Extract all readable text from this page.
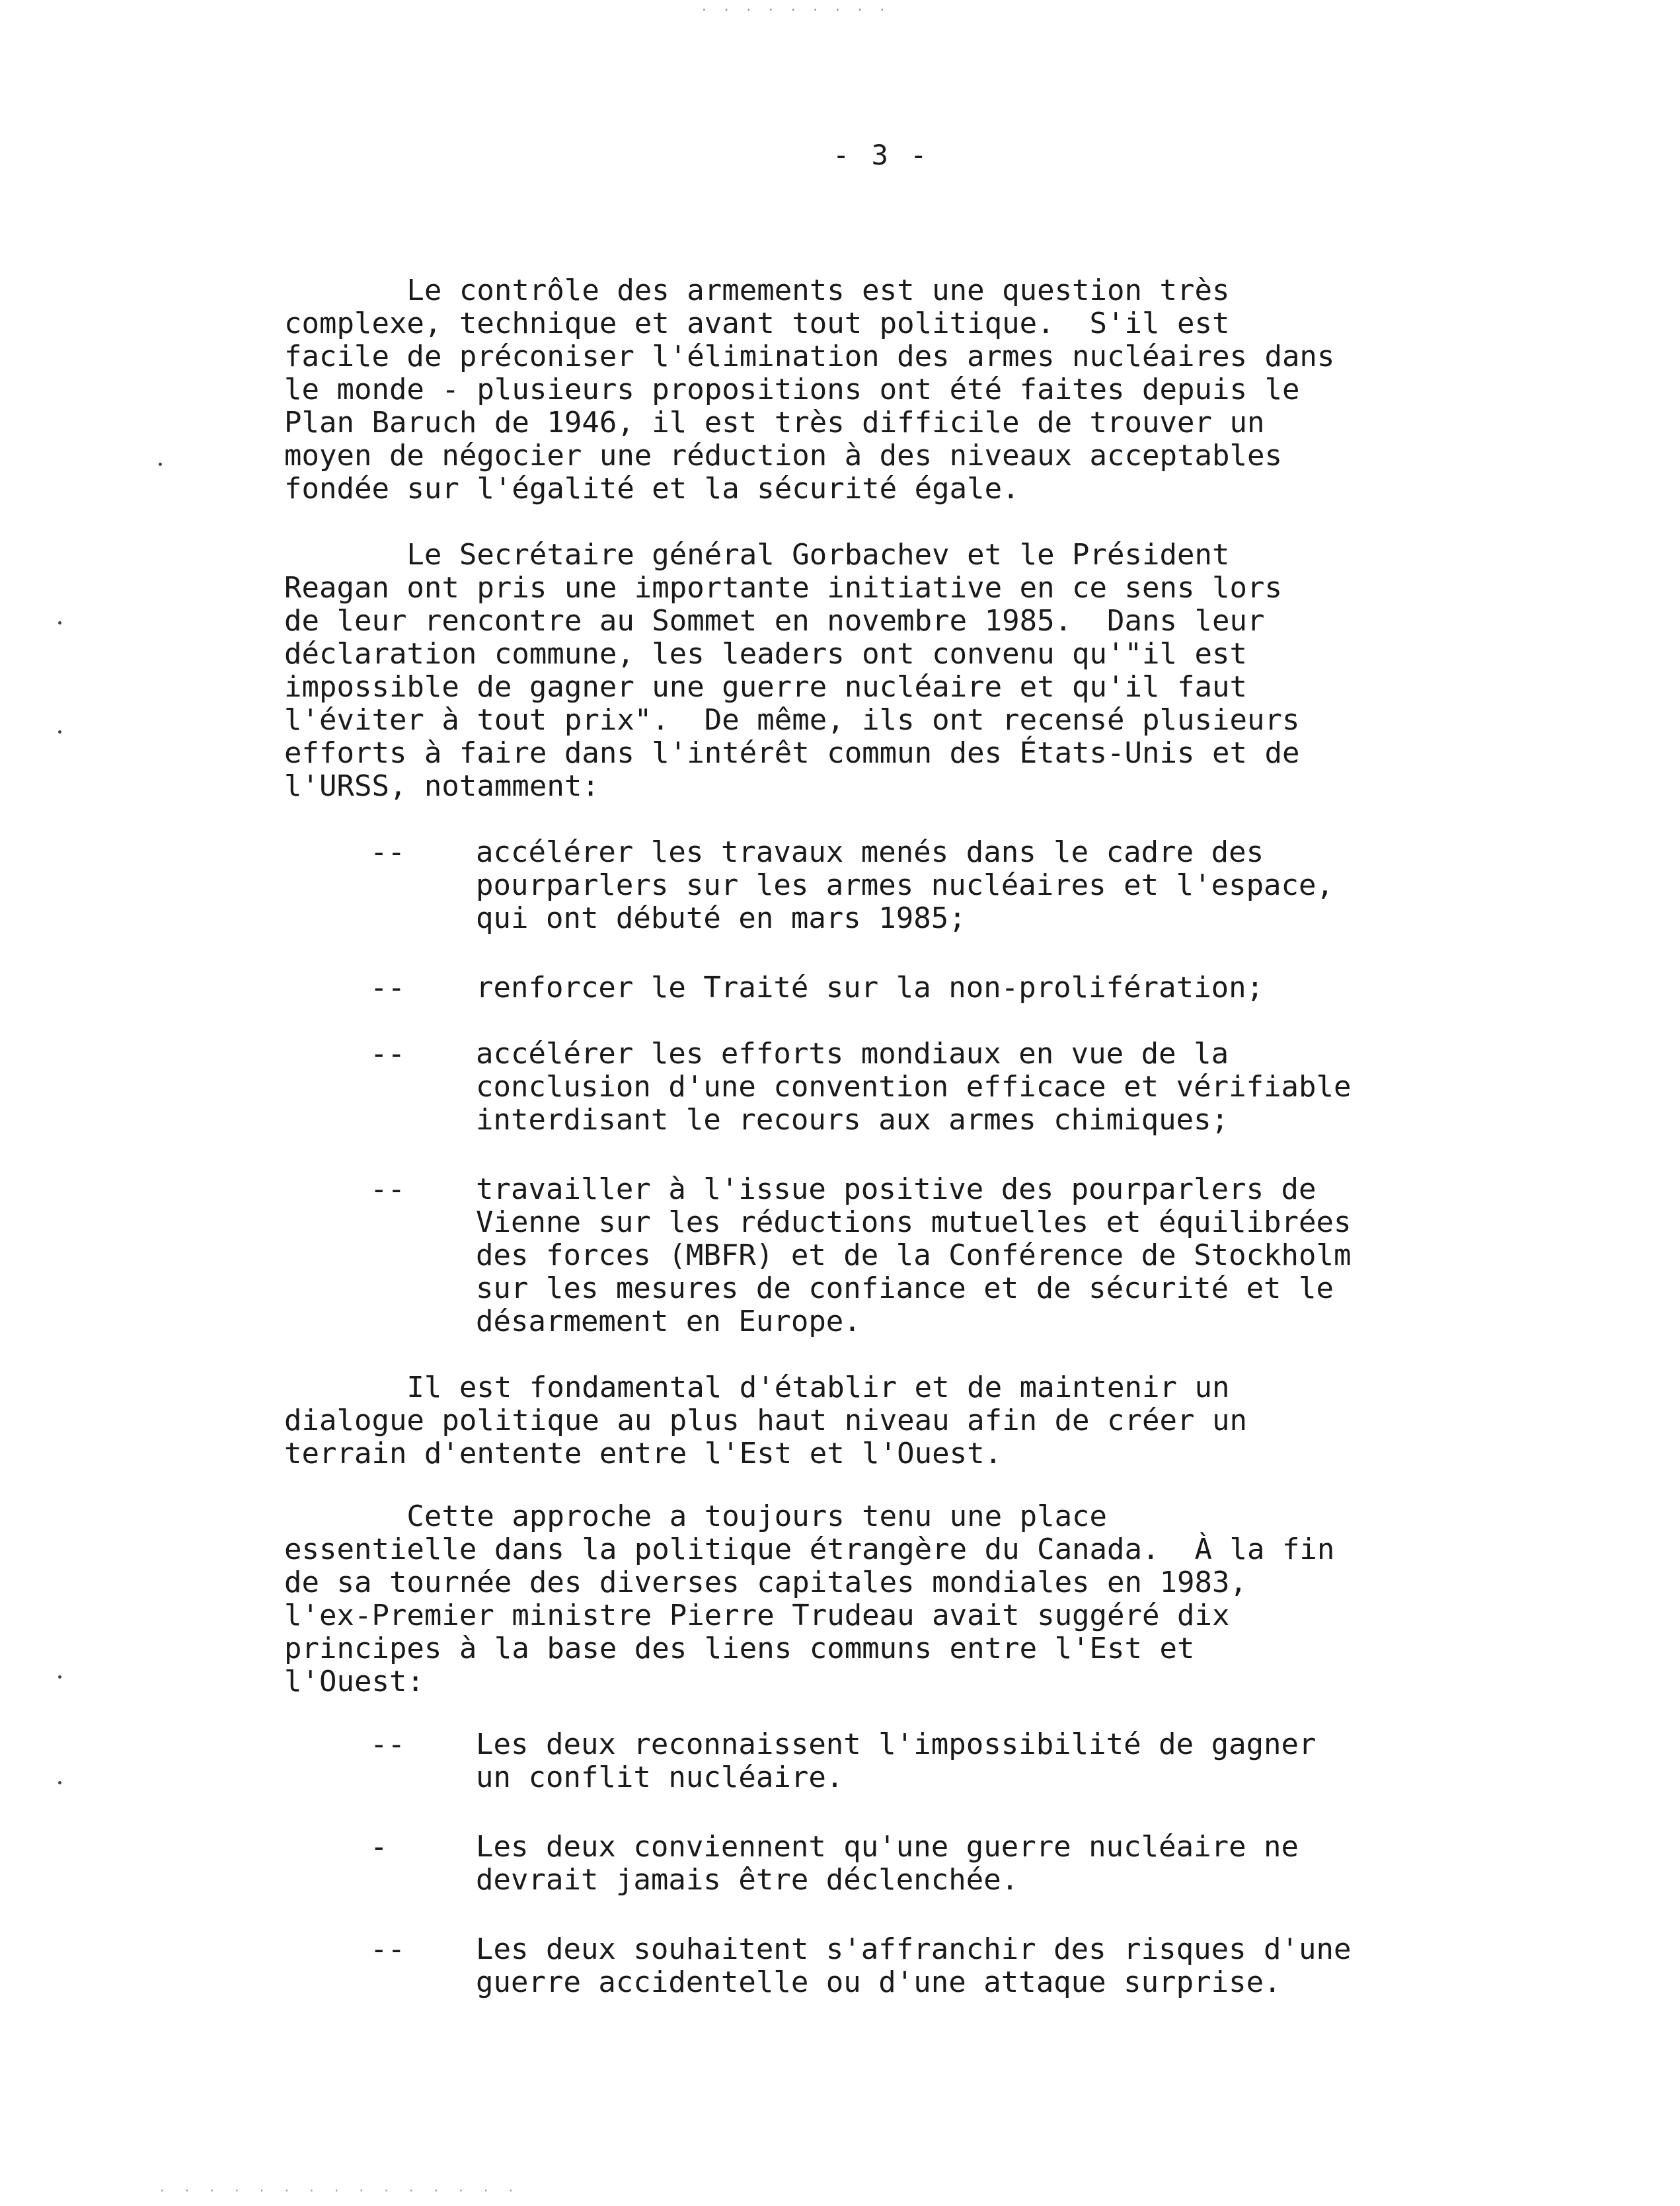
. . . . . . . . .
- 3 -
Le contrôle des armements est une question très
complexe, technique et avant tout politique.  S'il est
facile de préconiser l'élimination des armes nucléaires dans
le monde - plusieurs propositions ont été faites depuis le
Plan Baruch de 1946, il est très difficile de trouver un
moyen de négocier une réduction à des niveaux acceptables
fondée sur l'égalité et la sécurité égale.
Le Secrétaire général Gorbachev et le Président
Reagan ont pris une importante initiative en ce sens lors
de leur rencontre au Sommet en novembre 1985.  Dans leur
déclaration commune, les leaders ont convenu qu'"il est
impossible de gagner une guerre nucléaire et qu'il faut
l'éviter à tout prix".  De même, ils ont recensé plusieurs
efforts à faire dans l'intérêt commun des États-Unis et de
l'URSS, notamment:
-- accélérer les travaux menés dans le cadre des
pourparlers sur les armes nucléaires et l'espace,
qui ont débuté en mars 1985;
-- renforcer le Traité sur la non-prolifération;
-- accélérer les efforts mondiaux en vue de la
conclusion d'une convention efficace et vérifiable
interdisant le recours aux armes chimiques;
-- travailler à l'issue positive des pourparlers de
Vienne sur les réductions mutuelles et équilibrées
des forces (MBFR) et de la Conférence de Stockholm
sur les mesures de confiance et de sécurité et le
désarmement en Europe.
Il est fondamental d'établir et de maintenir un
dialogue politique au plus haut niveau afin de créer un
terrain d'entente entre l'Est et l'Ouest.
Cette approche a toujours tenu une place
essentielle dans la politique étrangère du Canada.  À la fin
de sa tournée des diverses capitales mondiales en 1983,
l'ex-Premier ministre Pierre Trudeau avait suggéré dix
principes à la base des liens communs entre l'Est et
l'Ouest:
-- Les deux reconnaissent l'impossibilité de gagner
un conflit nucléaire.
-	Les deux conviennent qu'une guerre nucléaire ne
devrait jamais être déclenchée.
-- Les deux souhaitent s'affranchir des risques d'une
guerre accidentelle ou d'une attaque surprise.
. . . . . . . . . . . . . . .
